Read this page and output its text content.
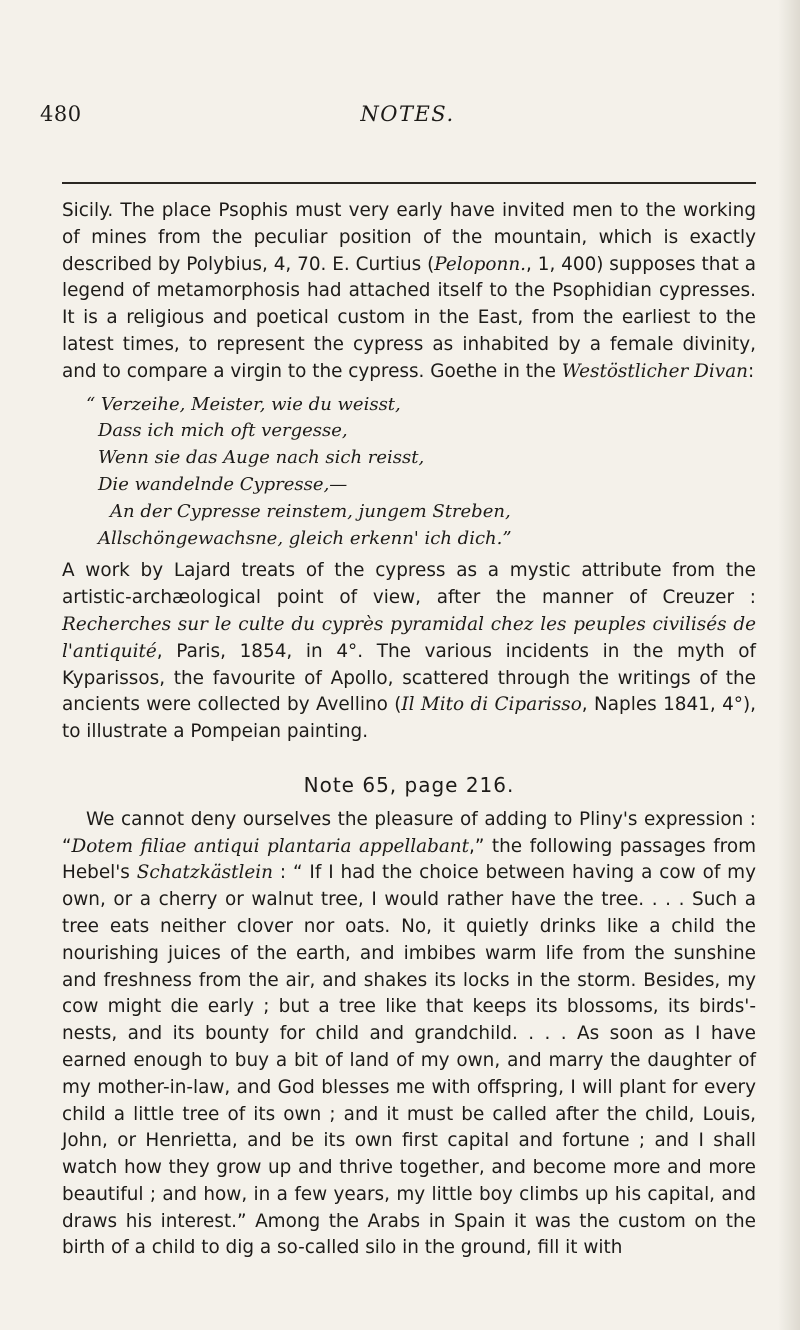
480	NOTES.

Sicily. The place Psophis must very early have invited men to the working of mines from the peculiar position of the mountain, which is exactly described by Polybius, 4, 70. E. Curtius (Peloponn., 1, 400) supposes that a legend of metamorphosis had attached itself to the Psophidian cypresses. It is a religious and poetical custom in the East, from the earliest to the latest times, to represent the cypress as inhabited by a female divinity, and to compare a virgin to the cypress. Goethe in the Westöstlicher Divan:

“ Verzeihe, Meister, wie du weisst,
Dass ich mich oft vergesse,
Wenn sie das Auge nach sich reisst,
Die wandelnde Cypresse,—
An der Cypresse reinstem, jungem Streben,
Allschöngewachsne, gleich erkenn' ich dich.”

A work by Lajard treats of the cypress as a mystic attribute from the artistic-archæological point of view, after the manner of Creuzer : Recherches sur le culte du cyprès pyramidal chez les peuples civilisés de l'antiquité, Paris, 1854, in 4°. The various incidents in the myth of Kyparissos, the favourite of Apollo, scattered through the writings of the ancients were collected by Avellino (Il Mito di Ciparisso, Naples 1841, 4°), to illustrate a Pompeian painting.

Note 65, page 216.

We cannot deny ourselves the pleasure of adding to Pliny's expression : “Dotem filiae antiqui plantaria appellabant,” the following passages from Hebel's Schatzkästlein : “ If I had the choice between having a cow of my own, or a cherry or walnut tree, I would rather have the tree. . . . Such a tree eats neither clover nor oats. No, it quietly drinks like a child the nourishing juices of the earth, and imbibes warm life from the sunshine and freshness from the air, and shakes its locks in the storm. Besides, my cow might die early ; but a tree like that keeps its blossoms, its birds'-nests, and its bounty for child and grandchild. . . . As soon as I have earned enough to buy a bit of land of my own, and marry the daughter of my mother-in-law, and God blesses me with offspring, I will plant for every child a little tree of its own ; and it must be called after the child, Louis, John, or Henrietta, and be its own first capital and fortune ; and I shall watch how they grow up and thrive together, and become more and more beautiful ; and how, in a few years, my little boy climbs up his capital, and draws his interest.” Among the Arabs in Spain it was the custom on the birth of a child to dig a so-called silo in the ground, fill it with
